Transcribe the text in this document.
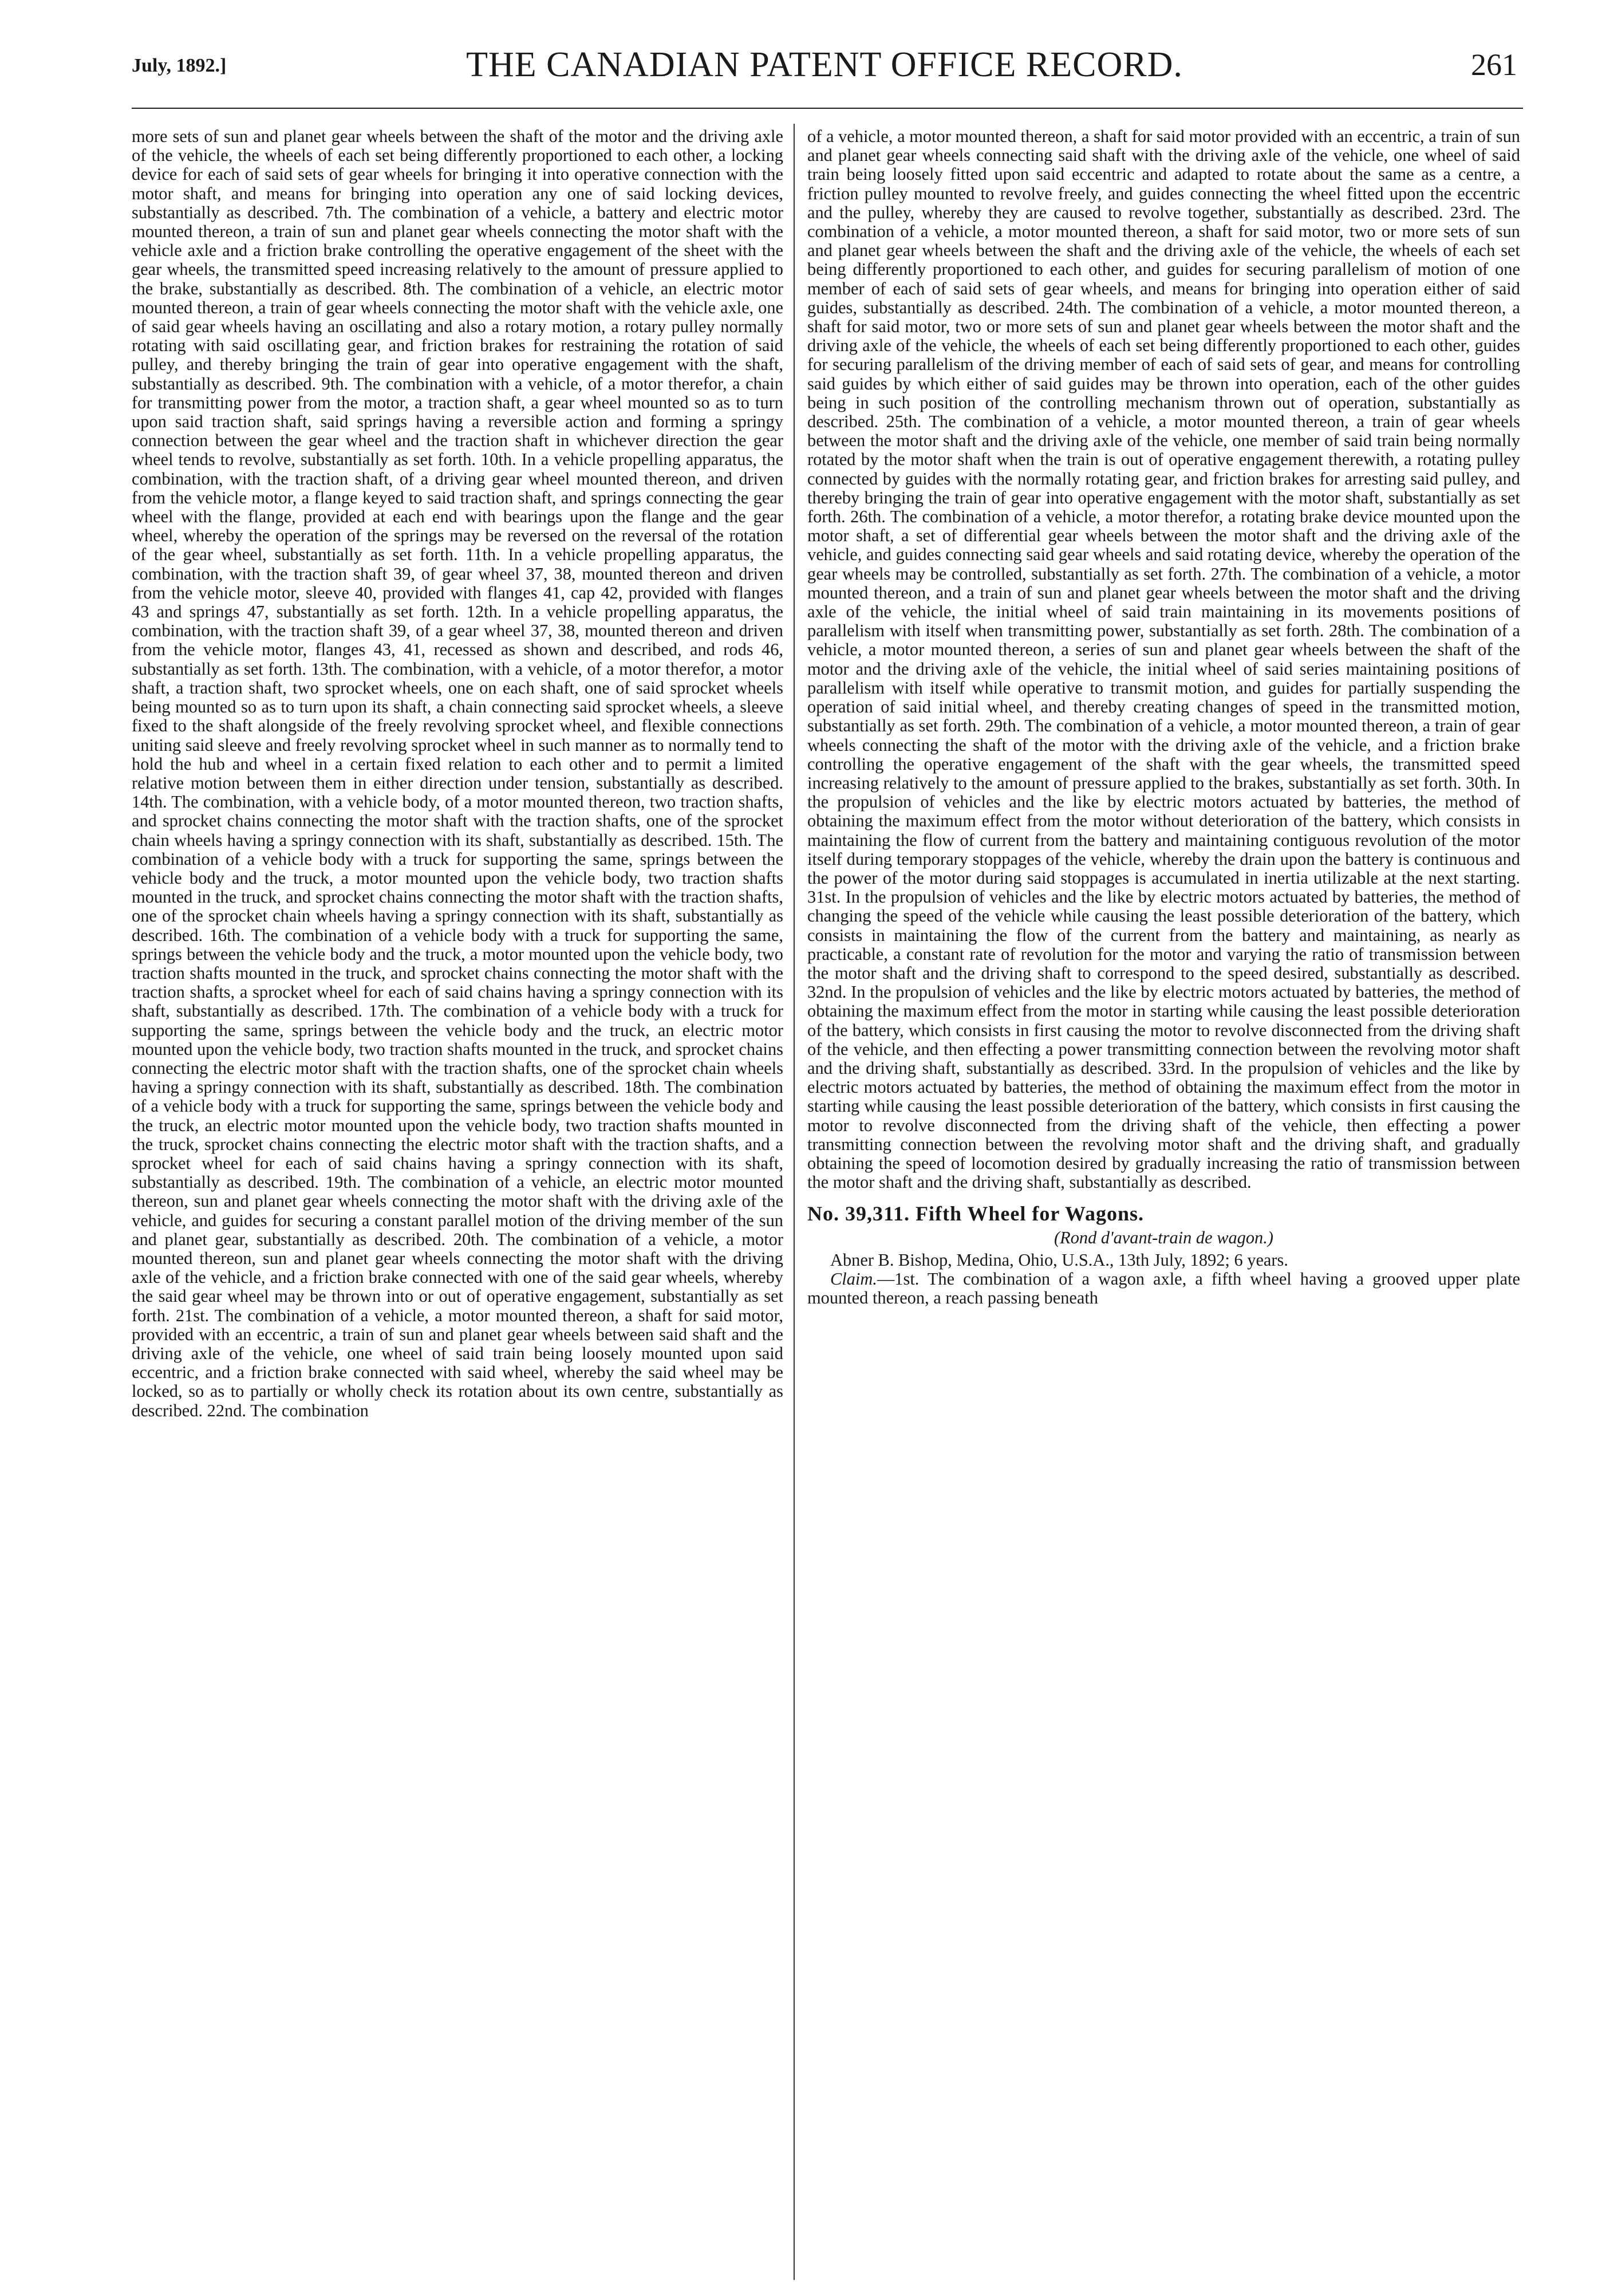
July, 1892.]	THE CANADIAN PATENT OFFICE RECORD.	261

more sets of sun and planet gear wheels between the shaft of the motor and the driving axle of the vehicle, the wheels of each set being differently proportioned to each other, a locking device for each of said sets of gear wheels for bringing it into operative connection with the motor shaft, and means for bringing into operation any one of said locking devices, substantially as described. 7th. The combination of a vehicle, a battery and electric motor mounted thereon, a train of sun and planet gear wheels connecting the motor shaft with the vehicle axle and a friction brake controlling the operative engagement of the sheet with the gear wheels, the transmitted speed increasing relatively to the amount of pressure applied to the brake, substantially as described. 8th. The combination of a vehicle, an electric motor mounted thereon, a train of gear wheels connecting the motor shaft with the vehicle axle, one of said gear wheels having an oscillating and also a rotary motion, a rotary pulley normally rotating with said oscillating gear, and friction brakes for restraining the rotation of said pulley, and thereby bringing the train of gear into operative engagement with the shaft, substantially as described. 9th. The combination with a vehicle, of a motor therefor, a chain for transmitting power from the motor, a traction shaft, a gear wheel mounted so as to turn upon said traction shaft, said springs having a reversible action and forming a springy connection between the gear wheel and the traction shaft in whichever direction the gear wheel tends to revolve, substantially as set forth. 10th. In a vehicle propelling apparatus, the combination, with the traction shaft, of a driving gear wheel mounted thereon, and driven from the vehicle motor, a flange keyed to said traction shaft, and springs connecting the gear wheel with the flange, provided at each end with bearings upon the flange and the gear wheel, whereby the operation of the springs may be reversed on the reversal of the rotation of the gear wheel, substantially as set forth. 11th. In a vehicle propelling apparatus, the combination, with the traction shaft 39, of gear wheel 37, 38, mounted thereon and driven from the vehicle motor, sleeve 40, provided with flanges 41, cap 42, provided with flanges 43 and springs 47, substantially as set forth. 12th. In a vehicle propelling apparatus, the combination, with the traction shaft 39, of a gear wheel 37, 38, mounted thereon and driven from the vehicle motor, flanges 43, 41, recessed as shown and described, and rods 46, substantially as set forth. 13th. The combination, with a vehicle, of a motor therefor, a motor shaft, a traction shaft, two sprocket wheels, one on each shaft, one of said sprocket wheels being mounted so as to turn upon its shaft, a chain connecting said sprocket wheels, a sleeve fixed to the shaft alongside of the freely revolving sprocket wheel, and flexible connections uniting said sleeve and freely revolving sprocket wheel in such manner as to normally tend to hold the hub and wheel in a certain fixed relation to each other and to permit a limited relative motion between them in either direction under tension, substantially as described. 14th. The combination, with a vehicle body, of a motor mounted thereon, two traction shafts, and sprocket chains connecting the motor shaft with the traction shafts, one of the sprocket chain wheels having a springy connection with its shaft, substantially as described. 15th. The combination of a vehicle body with a truck for supporting the same, springs between the vehicle body and the truck, a motor mounted upon the vehicle body, two traction shafts mounted in the truck, and sprocket chains connecting the motor shaft with the traction shafts, one of the sprocket chain wheels having a springy connection with its shaft, substantially as described. 16th. The combination of a vehicle body with a truck for supporting the same, springs between the vehicle body and the truck, a motor mounted upon the vehicle body, two traction shafts mounted in the truck, and sprocket chains connecting the motor shaft with the traction shafts, a sprocket wheel for each of said chains having a springy connection with its shaft, substantially as described. 17th. The combination of a vehicle body with a truck for supporting the same, springs between the vehicle body and the truck, an electric motor mounted upon the vehicle body, two traction shafts mounted in the truck, and sprocket chains connecting the electric motor shaft with the traction shafts, one of the sprocket chain wheels having a springy connection with its shaft, substantially as described. 18th. The combination of a vehicle body with a truck for supporting the same, springs between the vehicle body and the truck, an electric motor mounted upon the vehicle body, two traction shafts mounted in the truck, sprocket chains connecting the electric motor shaft with the traction shafts, and a sprocket wheel for each of said chains having a springy connection with its shaft, substantially as described. 19th. The combination of a vehicle, an electric motor mounted thereon, sun and planet gear wheels connecting the motor shaft with the driving axle of the vehicle, and guides for securing a constant parallel motion of the driving member of the sun and planet gear, substantially as described. 20th. The combination of a vehicle, a motor mounted thereon, sun and planet gear wheels connecting the motor shaft with the driving axle of the vehicle, and a friction brake connected with one of the said gear wheels, whereby the said gear wheel may be thrown into or out of operative engagement, substantially as set forth. 21st. The combination of a vehicle, a motor mounted thereon, a shaft for said motor, provided with an eccentric, a train of sun and planet gear wheels between said shaft and the driving axle of the vehicle, one wheel of said train being loosely mounted upon said eccentric, and a friction brake connected with said wheel, whereby the said wheel may be locked, so as to partially or wholly check its rotation about its own centre, substantially as described. 22nd. The combination

of a vehicle, a motor mounted thereon, a shaft for said motor provided with an eccentric, a train of sun and planet gear wheels connecting said shaft with the driving axle of the vehicle, one wheel of said train being loosely fitted upon said eccentric and adapted to rotate about the same as a centre, a friction pulley mounted to revolve freely, and guides connecting the wheel fitted upon the eccentric and the pulley, whereby they are caused to revolve together, substantially as described. 23rd. The combination of a vehicle, a motor mounted thereon, a shaft for said motor, two or more sets of sun and planet gear wheels between the shaft and the driving axle of the vehicle, the wheels of each set being differently proportioned to each other, and guides for securing parallelism of motion of one member of each of said sets of gear wheels, and means for bringing into operation either of said guides, substantially as described. 24th. The combination of a vehicle, a motor mounted thereon, a shaft for said motor, two or more sets of sun and planet gear wheels between the motor shaft and the driving axle of the vehicle, the wheels of each set being differently proportioned to each other, guides for securing parallelism of the driving member of each of said sets of gear, and means for controlling said guides by which either of said guides may be thrown into operation, each of the other guides being in such position of the controlling mechanism thrown out of operation, substantially as described. 25th. The combination of a vehicle, a motor mounted thereon, a train of gear wheels between the motor shaft and the driving axle of the vehicle, one member of said train being normally rotated by the motor shaft when the train is out of operative engagement therewith, a rotating pulley connected by guides with the normally rotating gear, and friction brakes for arresting said pulley, and thereby bringing the train of gear into operative engagement with the motor shaft, substantially as set forth. 26th. The combination of a vehicle, a motor therefor, a rotating brake device mounted upon the motor shaft, a set of differential gear wheels between the motor shaft and the driving axle of the vehicle, and guides connecting said gear wheels and said rotating device, whereby the operation of the gear wheels may be controlled, substantially as set forth. 27th. The combination of a vehicle, a motor mounted thereon, and a train of sun and planet gear wheels between the motor shaft and the driving axle of the vehicle, the initial wheel of said train maintaining in its movements positions of parallelism with itself when transmitting power, substantially as set forth. 28th. The combination of a vehicle, a motor mounted thereon, a series of sun and planet gear wheels between the shaft of the motor and the driving axle of the vehicle, the initial wheel of said series maintaining positions of parallelism with itself while operative to transmit motion, and guides for partially suspending the operation of said initial wheel, and thereby creating changes of speed in the transmitted motion, substantially as set forth. 29th. The combination of a vehicle, a motor mounted thereon, a train of gear wheels connecting the shaft of the motor with the driving axle of the vehicle, and a friction brake controlling the operative engagement of the shaft with the gear wheels, the transmitted speed increasing relatively to the amount of pressure applied to the brakes, substantially as set forth. 30th. In the propulsion of vehicles and the like by electric motors actuated by batteries, the method of obtaining the maximum effect from the motor without deterioration of the battery, which consists in maintaining the flow of current from the battery and maintaining contiguous revolution of the motor itself during temporary stoppages of the vehicle, whereby the drain upon the battery is continuous and the power of the motor during said stoppages is accumulated in inertia utilizable at the next starting. 31st. In the propulsion of vehicles and the like by electric motors actuated by batteries, the method of changing the speed of the vehicle while causing the least possible deterioration of the battery, which consists in maintaining the flow of the current from the battery and maintaining, as nearly as practicable, a constant rate of revolution for the motor and varying the ratio of transmission between the motor shaft and the driving shaft to correspond to the speed desired, substantially as described. 32nd. In the propulsion of vehicles and the like by electric motors actuated by batteries, the method of obtaining the maximum effect from the motor in starting while causing the least possible deterioration of the battery, which consists in first causing the motor to revolve disconnected from the driving shaft of the vehicle, and then effecting a power transmitting connection between the revolving motor shaft and the driving shaft, substantially as described. 33rd. In the propulsion of vehicles and the like by electric motors actuated by batteries, the method of obtaining the maximum effect from the motor in starting while causing the least possible deterioration of the battery, which consists in first causing the motor to revolve disconnected from the driving shaft of the vehicle, then effecting a power transmitting connection between the revolving motor shaft and the driving shaft, and gradually obtaining the speed of locomotion desired by gradually increasing the ratio of transmission between the motor shaft and the driving shaft, substantially as described.

No. 39,311. Fifth Wheel for Wagons.

(Rond d'avant-train de wagon.)

Abner B. Bishop, Medina, Ohio, U.S.A., 13th July, 1892; 6 years.

Claim.—1st. The combination of a wagon axle, a fifth wheel having a grooved upper plate mounted thereon, a reach passing beneath
